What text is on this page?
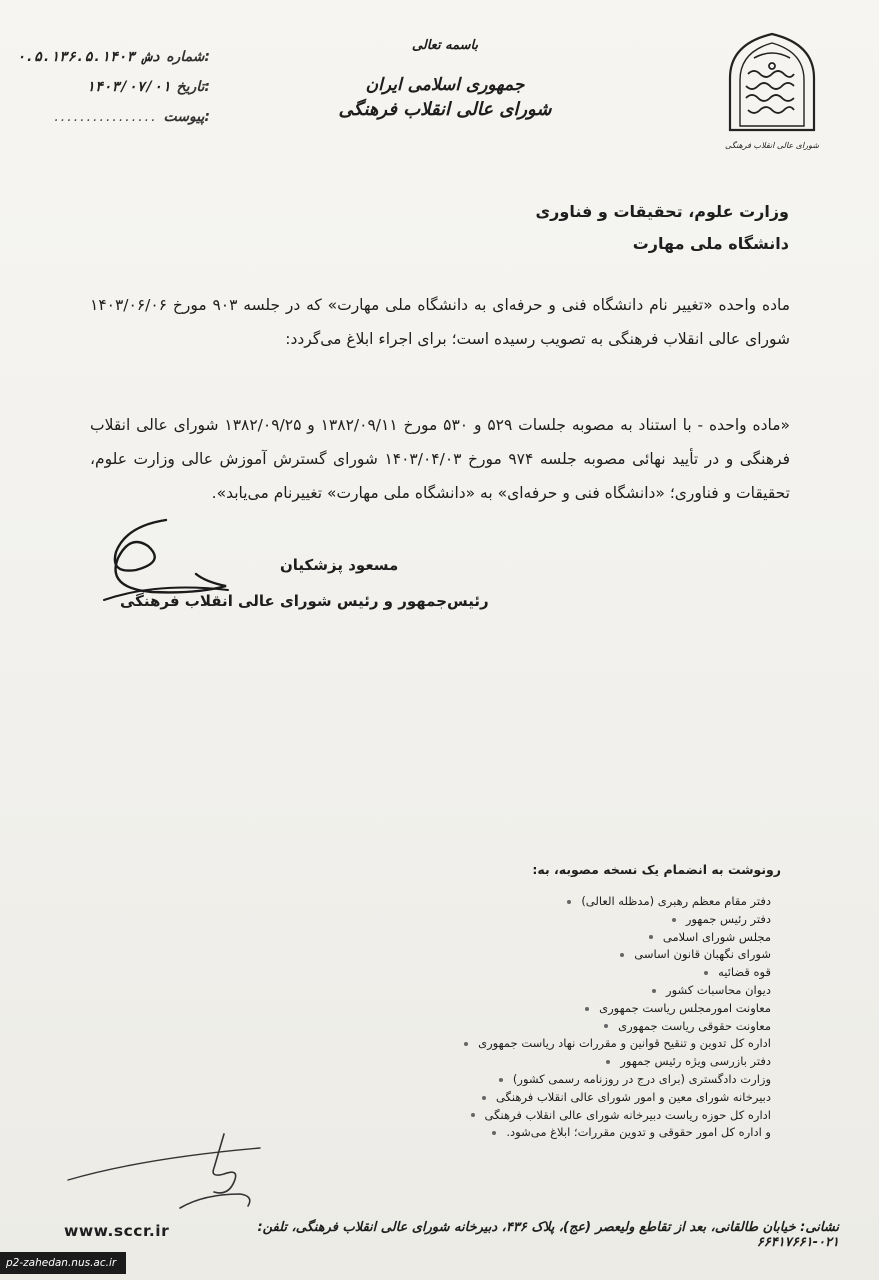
شورای عالی انقلاب فرهنگی
باسمه تعالی
جمهوری اسلامی ایران
شورای عالی انقلاب فرهنگی
شماره:
۰.۵.۱۳۶.۵.۱۴۰۳ دش
تاریخ:
۱۴۰۳/۰۷/۰۱
پیوست:
................
وزارت علوم، تحقیقات و فناوری
دانشگاه ملی مهارت
ماده واحده «تغییر نام دانشگاه فنی و حرفه‌ای به دانشگاه ملی مهارت» که در جلسه ۹۰۳ مورخ ۱۴۰۳/۰۶/۰۶ شورای عالی انقلاب فرهنگی به تصویب رسیده است؛ برای اجراء ابلاغ می‌گردد:
«ماده واحده - با استناد به مصوبه جلسات ۵۲۹ و ۵۳۰ مورخ ۱۳۸۲/۰۹/۱۱ و ۱۳۸۲/۰۹/۲۵ شورای عالی انقلاب فرهنگی و در تأیید نهائی مصوبه جلسه ۹۷۴ مورخ ۱۴۰۳/۰۴/۰۳ شورای گسترش آموزش عالی وزارت علوم، تحقیقات و فناوری؛ «دانشگاه فنی و حرفه‌ای» به «دانشگاه ملی مهارت» تغییرنام می‌یابد».
مسعود پزشکیان
رئیس‌جمهور و رئیس شورای عالی انقلاب فرهنگی
رونوشت به انضمام یک نسخه مصوبه، به:
دفتر مقام معظم رهبری (مدظله العالی)
دفتر رئیس جمهور
مجلس شورای اسلامی
شورای نگهبان قانون اساسی
قوه قضائیه
دیوان محاسبات کشور
معاونت امورمجلس ریاست جمهوری
معاونت حقوقی ریاست جمهوری
اداره کل تدوین و تنقیح قوانین و مقررات نهاد ریاست جمهوری
دفتر بازرسی ویژه رئیس جمهور
وزارت دادگستری (برای درج در روزنامه رسمی کشور)
دبیرخانه شورای معین و امور شورای عالی انقلاب فرهنگی
اداره کل حوزه ریاست دبیرخانه شورای عالی انقلاب فرهنگی
و اداره کل امور حقوقی و تدوین مقررات؛ ابلاغ می‌شود.
www.sccr.ir	نشانی: خیابان طالقانی، بعد از تقاطع ولیعصر (عج)، پلاک ۴۳۶، دبیرخانه شورای عالی انقلاب فرهنگی، تلفن: ۰۲۱-۶۶۴۱۷۶۶۱
p2-zahedan.nus.ac.ir
